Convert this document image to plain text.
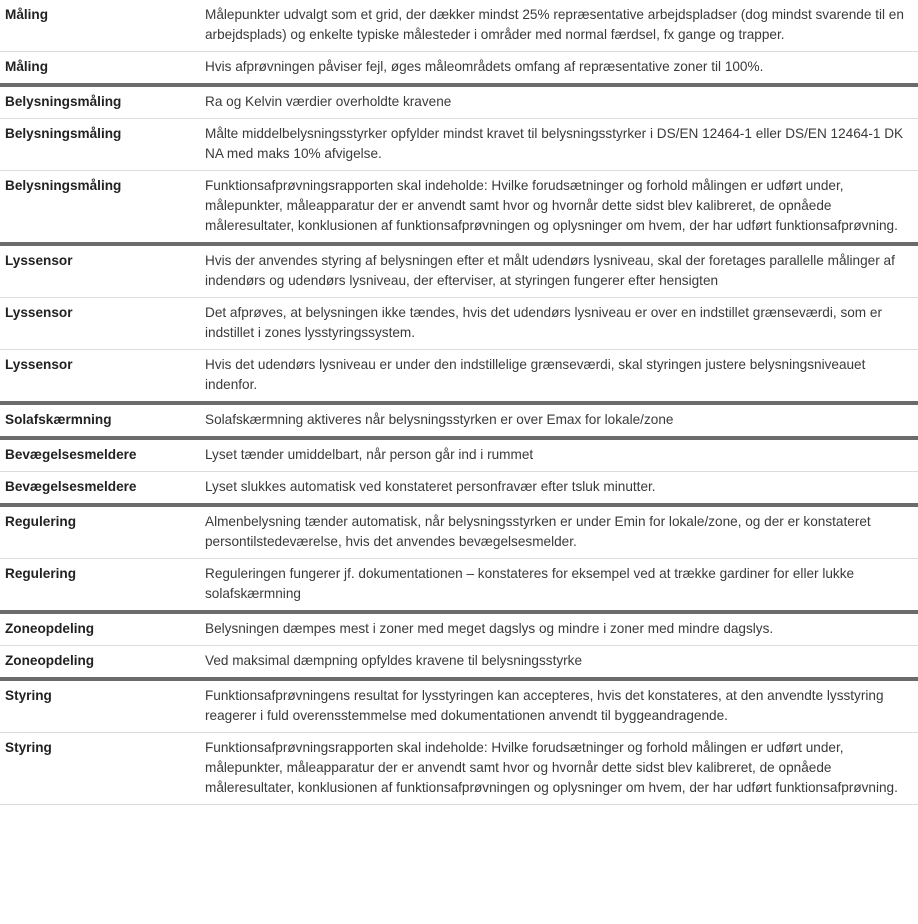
Måling	Målepunkter udvalgt som et grid, der dækker mindst 25% repræsentative arbejdspladser (dog mindst svarende til en arbejdsplads) og enkelte typiske målesteder i områder med normal færdsel, fx gange og trapper.
Måling	Hvis afprøvningen påviser fejl, øges måleområdets omfang af repræsentative zoner til 100%.
Belysningsmåling	Ra og Kelvin værdier overholdte kravene
Belysningsmåling	Målte middelbelysningsstyrker opfylder mindst kravet til belysningsstyrker i DS/EN 12464-1 eller DS/EN 12464-1 DK NA med maks 10% afvigelse.
Belysningsmåling	Funktionsafprøvningsrapporten skal indeholde: Hvilke forudsætninger og forhold målingen er udført under, målepunkter, måleapparatur der er anvendt samt hvor og hvornår dette sidst blev kalibreret, de opnåede måleresultater, konklusionen af funktionsafprøvningen og oplysninger om hvem, der har udført funktionsafprøvning.
Lyssensor	Hvis der anvendes styring af belysningen efter et målt udendørs lysniveau, skal der foretages parallelle målinger af indendørs og udendørs lysniveau, der efterviser, at styringen fungerer efter hensigten
Lyssensor	Det afprøves, at belysningen ikke tændes, hvis det udendørs lysniveau er over en indstillet grænseværdi, som er indstillet i zones lysstyringssystem.
Lyssensor	Hvis det udendørs lysniveau er under den indstillelige grænseværdi, skal styringen justere belysningsniveauet indenfor.
Solafskærmning	Solafskærmning aktiveres når belysningsstyrken er over Emax for lokale/zone
Bevægelsesmeldere	Lyset tænder umiddelbart, når person går ind i rummet
Bevægelsesmeldere	Lyset slukkes automatisk ved konstateret personfravær efter tsluk minutter.
Regulering	Almenbelysning tænder automatisk, når belysningsstyrken er under Emin for lokale/zone, og der er konstateret persontilstedeværelse, hvis det anvendes bevægelsesmelder.
Regulering	Reguleringen fungerer jf. dokumentationen – konstateres for eksempel ved at trække gardiner for eller lukke solafskærmning
Zoneopdeling	Belysningen dæmpes mest i zoner med meget dagslys og mindre i zoner med mindre dagslys.
Zoneopdeling	Ved maksimal dæmpning opfyldes kravene til belysningsstyrke
Styring	Funktionsafprøvningens resultat for lysstyringen kan accepteres, hvis det konstateres, at den anvendte lysstyring reagerer i fuld overensstemmelse med dokumentationen anvendt til byggeandragende.
Styring	Funktionsafprøvningsrapporten skal indeholde: Hvilke forudsætninger og forhold målingen er udført under, målepunkter, måleapparatur der er anvendt samt hvor og hvornår dette sidst blev kalibreret, de opnåede måleresultater, konklusionen af funktionsafprøvningen og oplysninger om hvem, der har udført funktionsafprøvning.
